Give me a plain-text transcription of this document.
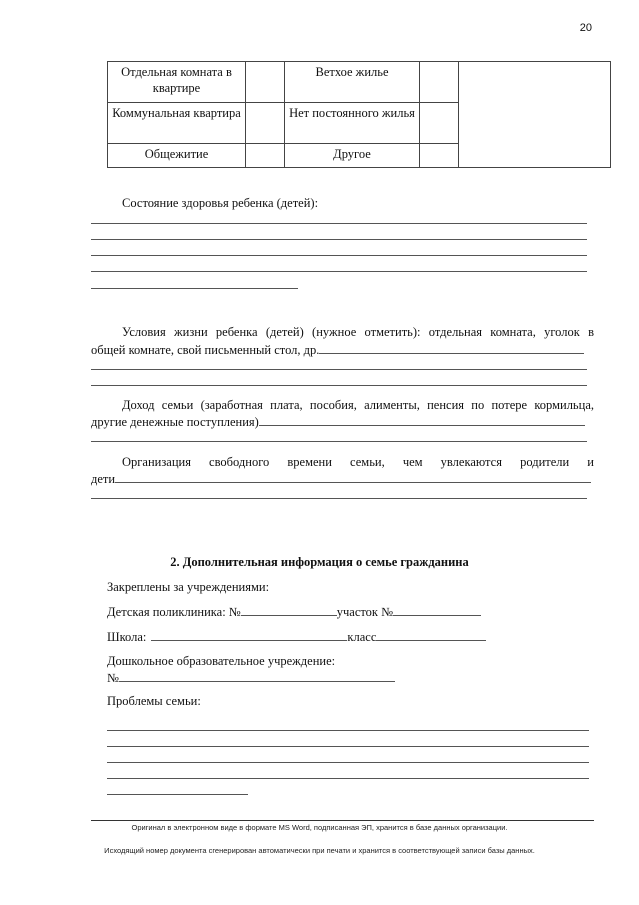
20
Отдельная комната в квартире		Ветхое жилье		
Коммунальная квартира		Нет постоянного жилья		
Общежитие		Другое		
Состояние здоровья ребенка (детей):
Условия жизни ребенка (детей) (нужное отметить): отдельная комната, уголок в
общей комнате, свой письменный стол, др.
Доход семьи (заработная плата, пособия, алименты, пенсия по потере кормильца,
другие денежные поступления)
Организация свободного времени семьи, чем увлекаются родители и
дети
2. Дополнительная информация о семье гражданина
Закреплены за учреждениями:
Детская поликлиника: №	участок №
Школа:	класс
Дошкольное образовательное учреждение:
№
Проблемы семьи:
Оригинал в электронном виде в формате MS Word, подписанная ЭП, хранится в базе данных организации.
Исходящий номер документа сгенерирован автоматически при печати и хранится в соответствующей записи базы данных.
